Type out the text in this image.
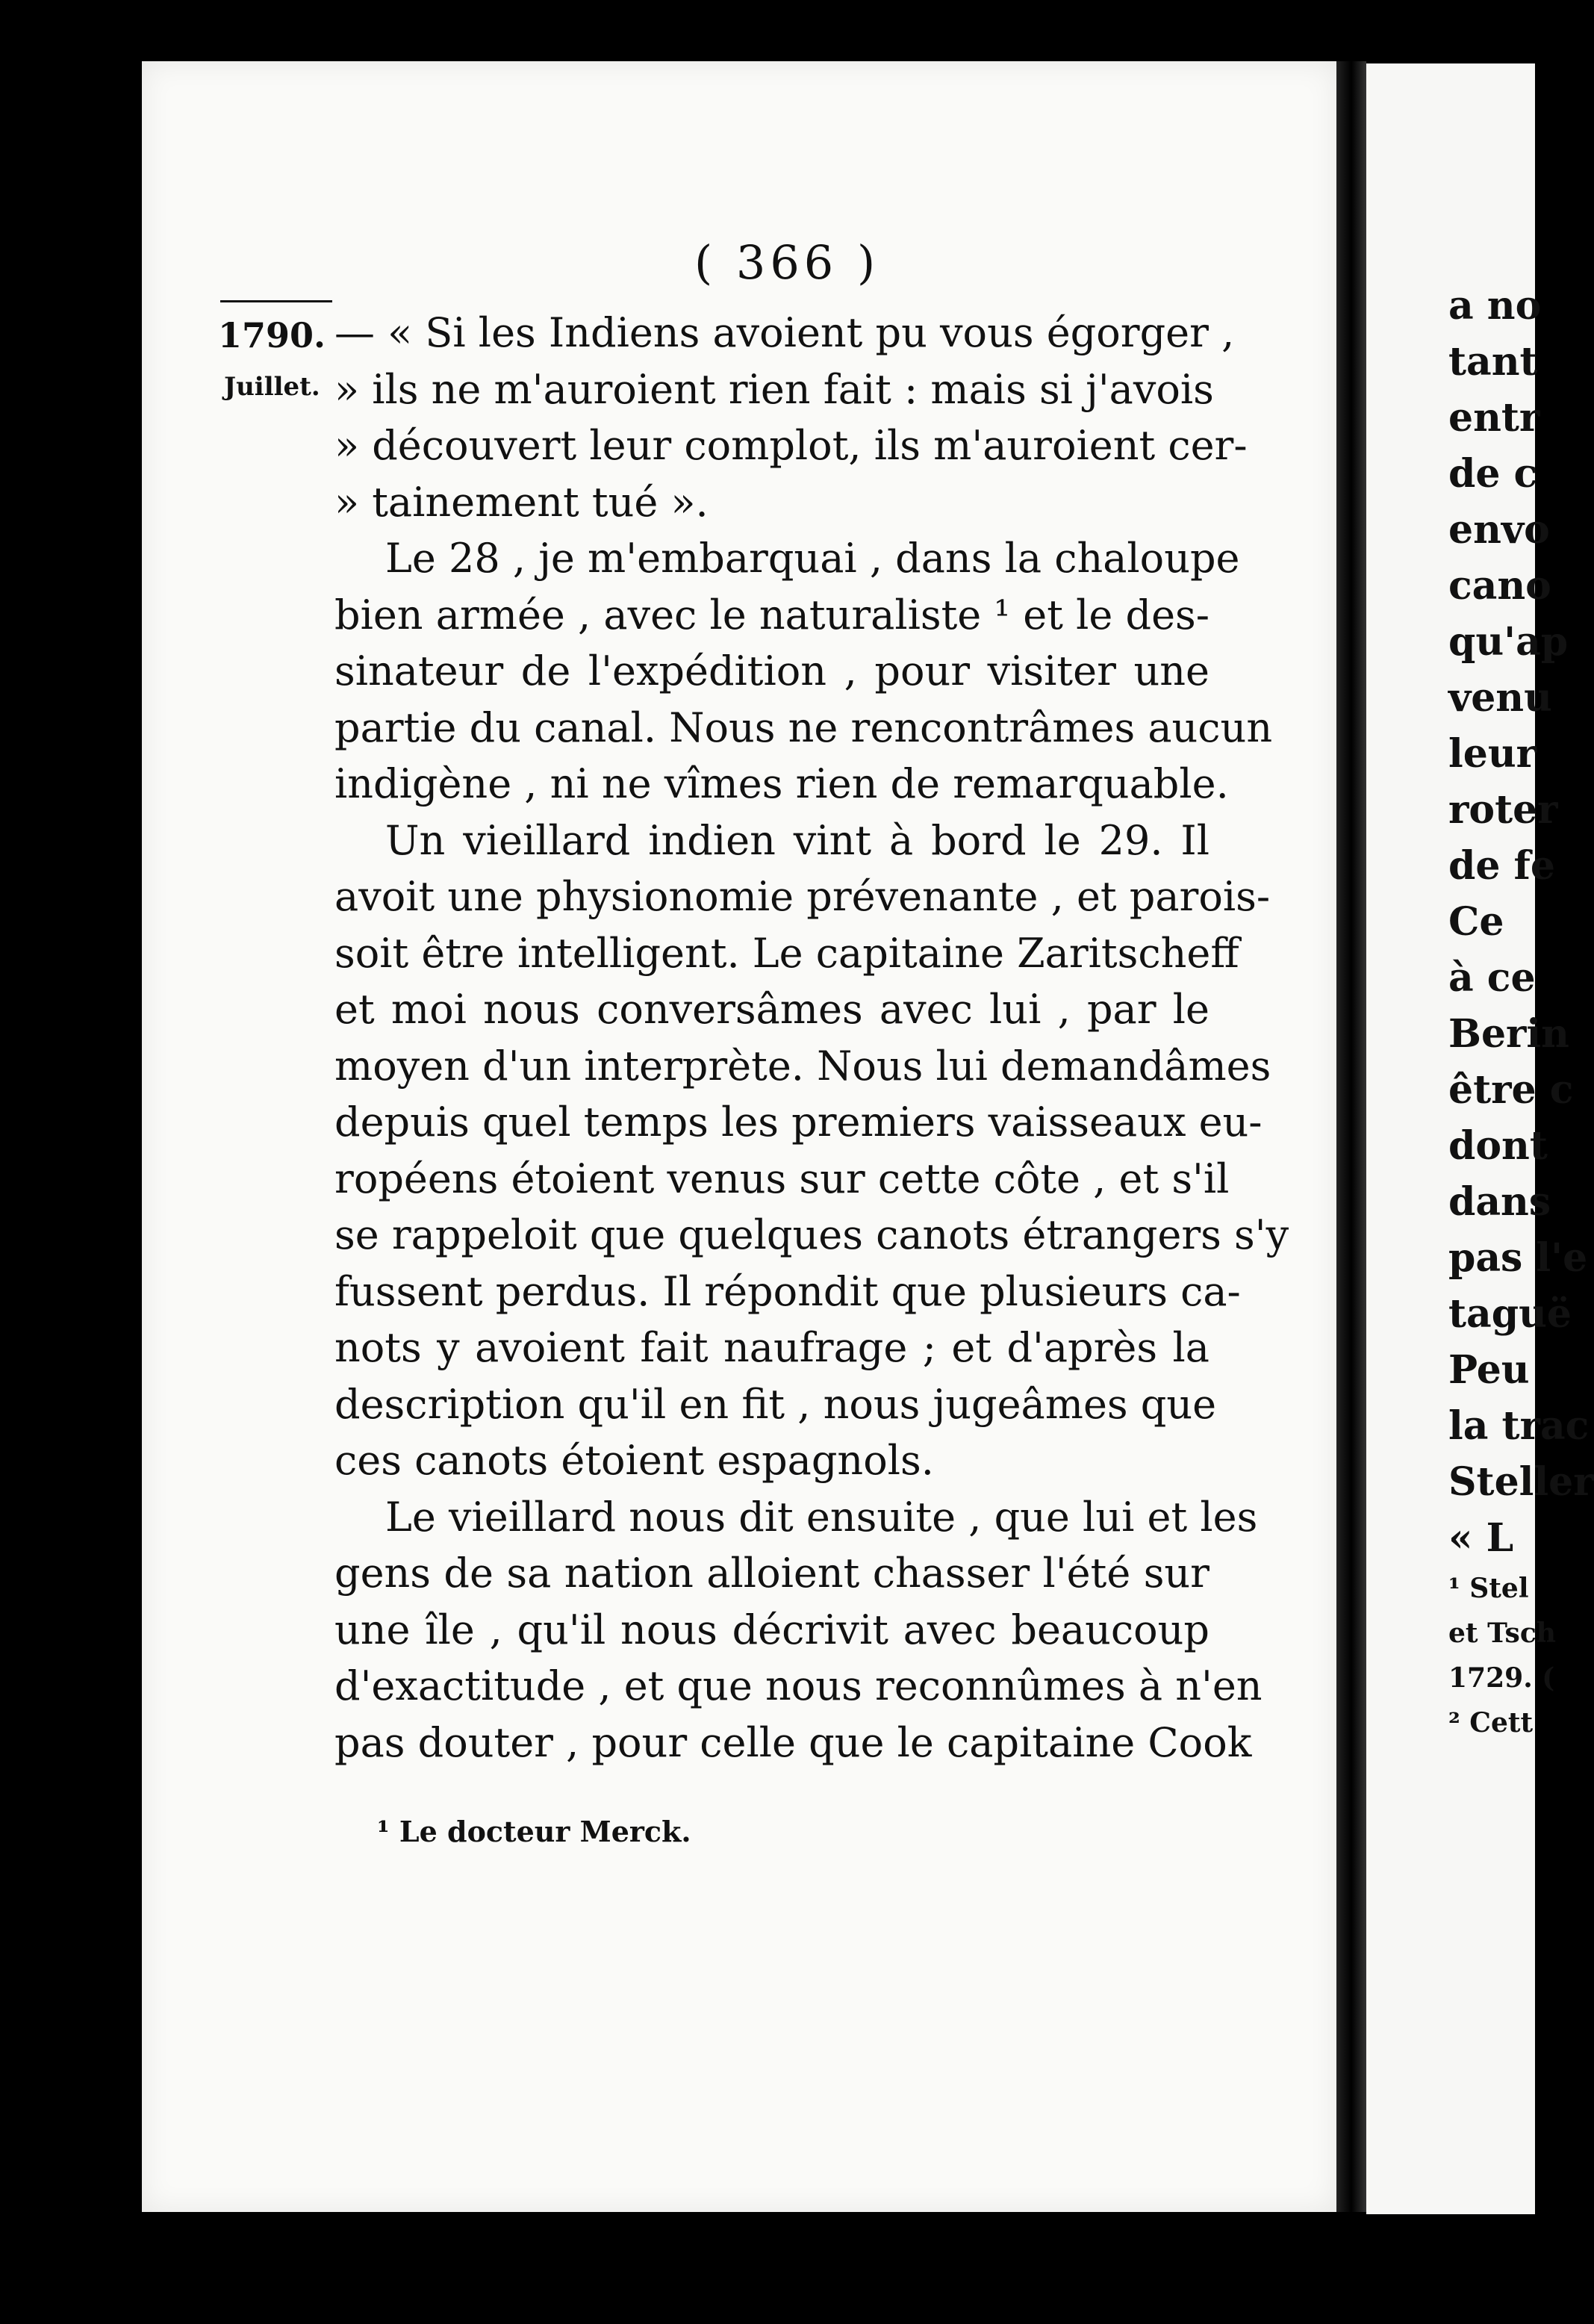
( 366 )
1790.
Juillet.
— « Si les Indiens avoient pu vous égorger ,
» ils ne m'auroient rien fait : mais si j'avois
» découvert leur complot, ils m'auroient cer-
» tainement tué ».
Le 28 , je m'embarquai , dans la chaloupe
bien armée , avec le naturaliste ¹ et le des-
sinateur de l'expédition , pour visiter une
partie du canal. Nous ne rencontrâmes aucun
indigène , ni ne vîmes rien de remarquable.
Un vieillard indien vint à bord le 29. Il
avoit une physionomie prévenante , et parois-
soit être intelligent. Le capitaine Zaritscheff
et moi nous conversâmes avec lui , par le
moyen d'un interprète. Nous lui demandâmes
depuis quel temps les premiers vaisseaux eu-
ropéens étoient venus sur cette côte , et s'il
se rappeloit que quelques canots étrangers s'y
fussent perdus. Il répondit que plusieurs ca-
nots y avoient fait naufrage ; et d'après la
description qu'il en fit , nous jugeâmes que
ces canots étoient espagnols.
Le vieillard nous dit ensuite , que lui et les
gens de sa nation alloient chasser l'été sur
une île , qu'il nous décrivit avec beaucoup
d'exactitude , et que nous reconnûmes à n'en
pas douter , pour celle que le capitaine Cook
¹ Le docteur Merck.
a no
tant
entr
de c
envo
cano
qu'ap
venu
leur
roter
de fe
Ce
à ce
Berin
être c
dont
dans
pas l'e
taguë
Peu
la trac
Steller
« L
¹ Stel
et Tsch
1729. (
² Cett
